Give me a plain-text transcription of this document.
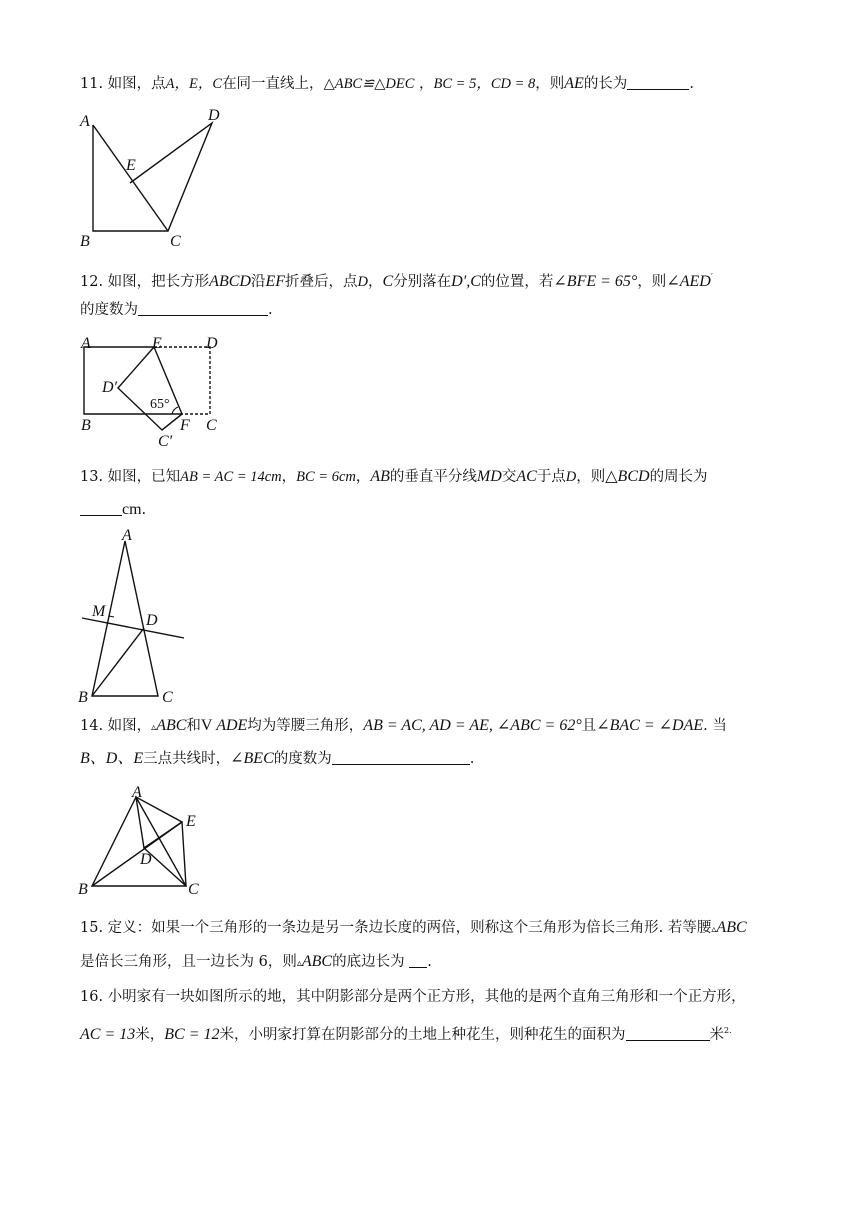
11. 如图，点A，E，C在同一直线上，△ABC≌△DEC ，BC = 5，CD = 8，则AE的长为	.
A
B	C
D
E
12. 如图，把长方形ABCD沿EF折叠后，点D，C分别落在D′,C的位置，若∠BFE = 65°，则∠AED′
的度数为	.
A	E	D
D′
65°
B	F C
C′
13. 如图，已知AB = AC = 14cm，BC = 6cm，AB的垂直平分线MD交AC于点D，则△BCD的周长为
cm.
A
M
D
B	C
14. 如图，▵ABC和V ADE均为等腰三角形，AB = AC, AD = AE, ∠ABC = 62°且∠BAC = ∠DAE. 当
B、D、E三点共线时，∠BEC的度数为	.
A
E
D
B	C
15. 定义：如果一个三角形的一条边是另一条边长度的两倍，则称这个三角形为倍长三角形. 若等腰▵ABC
是倍长三角形，且一边长为 6，则▵ABC的底边长为 .
16. 小明家有一块如图所示的地，其中阴影部分是两个正方形，其他的是两个直角三角形和一个正方形，
AC = 13米，BC = 12米，小明家打算在阴影部分的土地上种花生，则种花生的面积为	米$^{2.}$
